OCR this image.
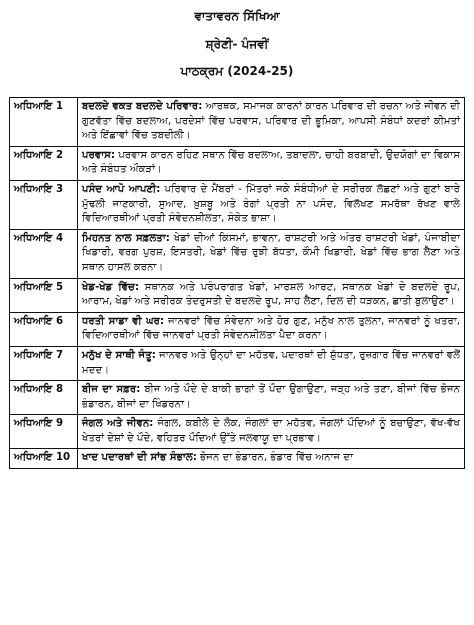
ਵਾਤਾਵਰਨ ਸਿੱਖਿਆ
ਸ਼੍ਰੇਣੀ- ਪੰਜਵੀਂ
ਪਾਠਕ੍ਰਮ (2024-25)
ਅਧਿਆਇ 1	ਬਦਲਦੇ ਵਕਤ ਬਦਲਦੇ ਪਰਿਵਾਰ: ਆਰਥਕ, ਸਮਾਜਕ ਕਾਰਨਾਂ ਕਾਰਨ ਪਰਿਵਾਰ ਦੀ ਰਚਨਾ ਅਤੇ ਜੀਵਨ ਦੀ ਗੁਣਵੱਤਾ ਵਿੱਚ ਬਦਲਾਅ, ਪਰਦੇਸਾਂ ਵਿੱਚ ਪਰਵਾਸ, ਪਰਿਵਾਰ ਦੀ ਭੂਮਿਕਾ, ਆਪਸੀ ਸੰਬੰਧਾਂ ਕਦਰਾਂ ਕੀਮਤਾਂ ਅਤੇ ਇੱਛਾਵਾਂ ਵਿੱਚ ਤਬਦੀਲੀ।
ਅਧਿਆਇ 2	ਪਰਵਾਸ: ਪਰਵਾਸ ਕਾਰਨ ਰਹਿਣ ਸਥਾਨ ਵਿੱਚ ਬਦਲਾਅ, ਤਬਾਦਲਾ, ਚਾਹੀ ਬਰਬਾਦੀ, ਉਦਯੋਗਾਂ ਦਾ ਵਿਕਾਸ ਅਤੇ ਸੰਬੰਧਤ ਔਕੜਾਂ।
ਅਧਿਆਇ 3	ਪਸੰਦ ਆਪੋ ਆਪਣੀ: ਪਰਿਵਾਰ ਦੇ ਮੈਂਬਰਾਂ - ਮਿੱਤਰਾਂ ਜਕੇ ਸੰਬੰਧੀਆਂ ਦੇ ਸਰੀਰਕ ਲੱਛਣਾਂ ਅਤੇ ਗੁਣਾਂ ਬਾਰੇ ਮੁੱਢਲੀ ਜਾਣਕਾਰੀ, ਸੁਆਦ, ਖ਼ੁਸ਼ਬੂ ਅਤੇ ਰੰਗਾਂ ਪ੍ਰਤੀ ਨਾ ਪਸੰਦ, ਵਿਲੱਖਣ ਸਮਰੱਥਾ ਰੱਖਣ ਵਾਲੇ ਵਿਦਿਆਰਥੀਆਂ ਪ੍ਰਤੀ ਸੰਵੇਦਨਸ਼ੀਲਤਾ, ਸੰਕੇਤ ਭਾਸ਼ਾ।
ਅਧਿਆਇ 4	ਮਿਹਨਤ ਨਾਲ ਸਫ਼ਲਤਾ: ਖੇਡਾਂ ਦੀਆਂ ਕਿਸਮਾਂ, ਭਾਵਨਾ, ਰਾਸ਼ਟਰੀ ਅਤੇ ਅੰਤਰ ਰਾਸ਼ਟਰੀ ਖੇਡਾਂ, ਪੰਜਾਬੀਦਾ ਖਿਡਾਰੀ, ਵਰਗ ਪੁਰਸ਼, ਇਸਤਰੀ, ਖੇਡਾਂ ਵਿੱਚ ਰੁਝੀ ਬੱਧਤਾ, ਕੌਮੀ ਖਿਡਾਰੀ, ਖੇਡਾਂ ਵਿੱਚ ਭਾਗ ਲੈਣਾ ਅਤੇ ਸਥਾਨ ਹਾਸਲ ਕਰਨਾ।
ਅਧਿਆਇ 5	ਖੇਡ-ਖੇਡ ਵਿੱਚ: ਸਥਾਨਕ ਅਤੇ ਪਰੰਪਰਾਗਤ ਖੇਡਾਂ, ਮਾਰਸ਼ਲ ਆਰਟ, ਸਥਾਨਕ ਖੇਡਾਂ ਦੇ ਬਦਲਦੇ ਰੂਪ, ਆਰਾਮ, ਖੇਡਾਂ ਅਤੇ ਸਰੀਰਕ ਤੰਦਰੁਸਤੀ ਦੇ ਬਦਲਦੇ ਰੂਪ, ਸਾਹ ਲੈਣਾ, ਦਿਲ ਦੀ ਧੜਕਨ, ਛਾਤੀ ਬੁਲਾਉਣਾ।
ਅਧਿਆਇ 6	ਧਰਤੀ ਸਾਡਾ ਵੀ ਘਰ: ਜਾਨਵਰਾਂ ਵਿੱਚ ਸੰਵੇਦਨਾ ਅਤੇ ਹੋਰ ਗੁਣ, ਮਨੁੱਖ ਨਾਲ ਤੁਲਨਾ, ਜਾਨਵਰਾਂ ਨੂੰ ਖਤਰਾ, ਵਿਦਿਆਰਥੀਆਂ ਵਿੱਚ ਜਾਨਵਰਾਂ ਪ੍ਰਤੀ ਸੰਵੇਦਨਸ਼ੀਲਤਾ ਪੈਦਾ ਕਰਨਾ।
ਅਧਿਆਇ 7	ਮਨੁੱਖ ਦੇ ਸਾਥੀ ਜੰਤੂ: ਜਾਨਵਰ ਅਤੇ ਉਨ੍ਹਾਂ ਦਾ ਮਹੱਤਵ, ਪਦਾਰਥਾਂ ਦੀ ਸ਼ੁੱਧਤਾ, ਰੁਜ਼ਗਾਰ ਵਿੱਚ ਜਾਨਵਰਾਂ ਵਲੋਂ ਮਦਦ।
ਅਧਿਆਇ 8	ਬੀਜ ਦਾ ਸਫ਼ਰ: ਬੀਜ ਅਤੇ ਪੌਦੇ ਦੇ ਬਾਕੀ ਭਾਗਾਂ ਤੋਂ ਪੌਦਾ ਉਗਾਉਣਾ, ਜੜ੍ਹ ਅਤੇ ਤਣਾ, ਬੀਜਾਂ ਵਿੱਚ ਭੋਜਨ ਭੰਡਾਰਨ, ਬੀਜਾਂ ਦਾ ਖਿੰਡਰਨਾ।
ਅਧਿਆਇ 9	ਜੰਗਲ ਅਤੇ ਜੀਵਨ: ਜੰਗਲ, ਕਬੀਲੇ ਦੇ ਲੋਕ, ਜੰਗਲਾਂ ਦਾ ਮਹੱਤਵ, ਜੰਗਲਾਂ ਪੌਦਿਆਂ ਨੂੰ ਬਚਾਉਣਾ, ਵੱਖ-ਵੱਖ ਖੇਤਰਾਂ ਦੇਸ਼ਾਂ ਦੇ ਪੌਦੇ, ਵਹਿਤਰ ਪੌਦਿਆਂ ਉੱਤੇ ਜਲਵਾਯੂ ਦਾ ਪ੍ਰਭਾਵ।
ਅਧਿਆਇ 10	ਖਾਦ ਪਦਾਰਥਾਂ ਦੀ ਸਾਂਭ ਸੰਭਾਲ: ਭੋਜਨ ਦਾ ਭੰਡਾਰਨ, ਭੰਡਾਰ ਵਿੱਚ ਅਨਾਜ ਦਾ
